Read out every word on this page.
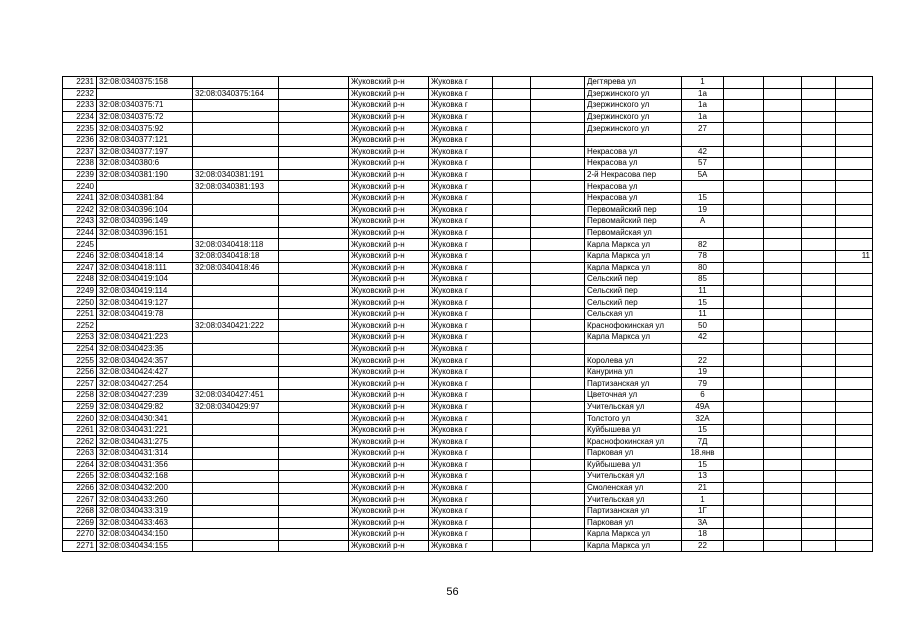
2231	32:08:0340375:158			Жуковский р-н	Жуковка г			Дегтярева ул	1				
2232		32:08:0340375:164		Жуковский р-н	Жуковка г			Дзержинского ул	1а				
2233	32:08:0340375:71			Жуковский р-н	Жуковка г			Дзержинского ул	1а				
2234	32:08:0340375:72			Жуковский р-н	Жуковка г			Дзержинского ул	1а				
2235	32:08:0340375:92			Жуковский р-н	Жуковка г			Дзержинского ул	27				
2236	32:08:0340377:121			Жуковский р-н	Жуковка г								
2237	32:08:0340377:197			Жуковский р-н	Жуковка г			Некрасова ул	42				
2238	32:08:0340380:6			Жуковский р-н	Жуковка г			Некрасова ул	57				
2239	32:08:0340381:190	32:08:0340381:191		Жуковский р-н	Жуковка г			2-й Некрасова пер	5А				
2240		32:08:0340381:193		Жуковский р-н	Жуковка г			Некрасова ул					
2241	32:08:0340381:84			Жуковский р-н	Жуковка г			Некрасова ул	15				
2242	32:08:0340396:104			Жуковский р-н	Жуковка г			Первомайский пер	19				
2243	32:08:0340396:149			Жуковский р-н	Жуковка г			Первомайский пер	А				
2244	32:08:0340396:151			Жуковский р-н	Жуковка г			Первомайская ул					
2245		32:08:0340418:118		Жуковский р-н	Жуковка г			Карла Маркса ул	82				
2246	32:08:0340418:14	32:08:0340418:18		Жуковский р-н	Жуковка г			Карла Маркса ул	78				11
2247	32:08:0340418:111	32:08:0340418:46		Жуковский р-н	Жуковка г			Карла Маркса ул	80				
2248	32:08:0340419:104			Жуковский р-н	Жуковка г			Сельский пер	85				
2249	32:08:0340419:114			Жуковский р-н	Жуковка г			Сельский пер	11				
2250	32:08:0340419:127			Жуковский р-н	Жуковка г			Сельский пер	15				
2251	32:08:0340419:78			Жуковский р-н	Жуковка г			Сельская ул	11				
2252		32:08:0340421:222		Жуковский р-н	Жуковка г			Краснофокинская ул	50				
2253	32:08:0340421:223			Жуковский р-н	Жуковка г			Карла Маркса ул	42				
2254	32:08:0340423:35			Жуковский р-н	Жуковка г								
2255	32:08:0340424:357			Жуковский р-н	Жуковка г			Королева ул	22				
2256	32:08:0340424:427			Жуковский р-н	Жуковка г			Канурина ул	19				
2257	32:08:0340427:254			Жуковский р-н	Жуковка г			Партизанская ул	79				
2258	32:08:0340427:239	32:08:0340427:451		Жуковский р-н	Жуковка г			Цветочная ул	6				
2259	32:08:0340429:82	32:08:0340429:97		Жуковский р-н	Жуковка г			Учительская ул	49А				
2260	32:08:0340430:341			Жуковский р-н	Жуковка г			Толстого ул	32А				
2261	32:08:0340431:221			Жуковский р-н	Жуковка г			Куйбышева ул	15				
2262	32:08:0340431:275			Жуковский р-н	Жуковка г			Краснофокинская ул	7Д				
2263	32:08:0340431:314			Жуковский р-н	Жуковка г			Парковая ул	18.янв				
2264	32:08:0340431:356			Жуковский р-н	Жуковка г			Куйбышева ул	15				
2265	32:08:0340432:168			Жуковский р-н	Жуковка г			Учительская ул	13				
2266	32:08:0340432:200			Жуковский р-н	Жуковка г			Смоленская ул	21				
2267	32:08:0340433:260			Жуковский р-н	Жуковка г			Учительская ул	1				
2268	32:08:0340433:319			Жуковский р-н	Жуковка г			Партизанская ул	1Г				
2269	32:08:0340433:463			Жуковский р-н	Жуковка г			Парковая ул	3А				
2270	32:08:0340434:150			Жуковский р-н	Жуковка г			Карла Маркса ул	18				
2271	32:08:0340434:155			Жуковский р-н	Жуковка г			Карла Маркса ул	22				
56
